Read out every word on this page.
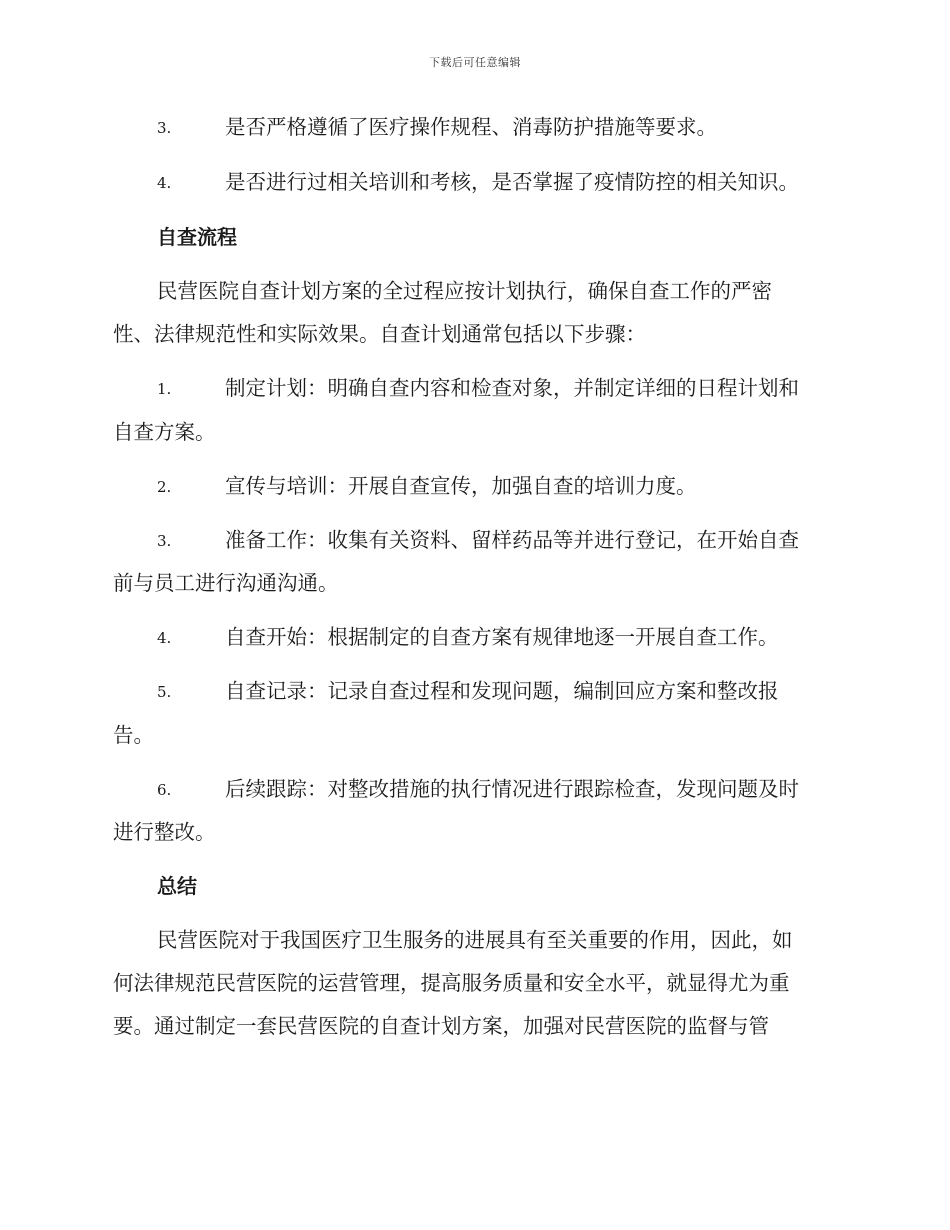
下载后可任意编辑
3.	是否严格遵循了医疗操作规程、消毒防护措施等要求。
4.	是否进行过相关培训和考核，是否掌握了疫情防控的相关知识。
自查流程
民营医院自查计划方案的全过程应按计划执行，确保自查工作的严密
性、法律规范性和实际效果。自查计划通常包括以下步骤：
1.	制定计划：明确自查内容和检查对象，并制定详细的日程计划和
自查方案。
2.	宣传与培训：开展自查宣传，加强自查的培训力度。
3.	准备工作：收集有关资料、留样药品等并进行登记，在开始自查
前与员工进行沟通沟通。
4.	自查开始：根据制定的自查方案有规律地逐一开展自查工作。
5.	自查记录：记录自查过程和发现问题，编制回应方案和整改报
告。
6.	后续跟踪：对整改措施的执行情况进行跟踪检查，发现问题及时
进行整改。
总结
民营医院对于我国医疗卫生服务的进展具有至关重要的作用，因此，如
何法律规范民营医院的运营管理，提高服务质量和安全水平，就显得尤为重
要。通过制定一套民营医院的自查计划方案，加强对民营医院的监督与管
